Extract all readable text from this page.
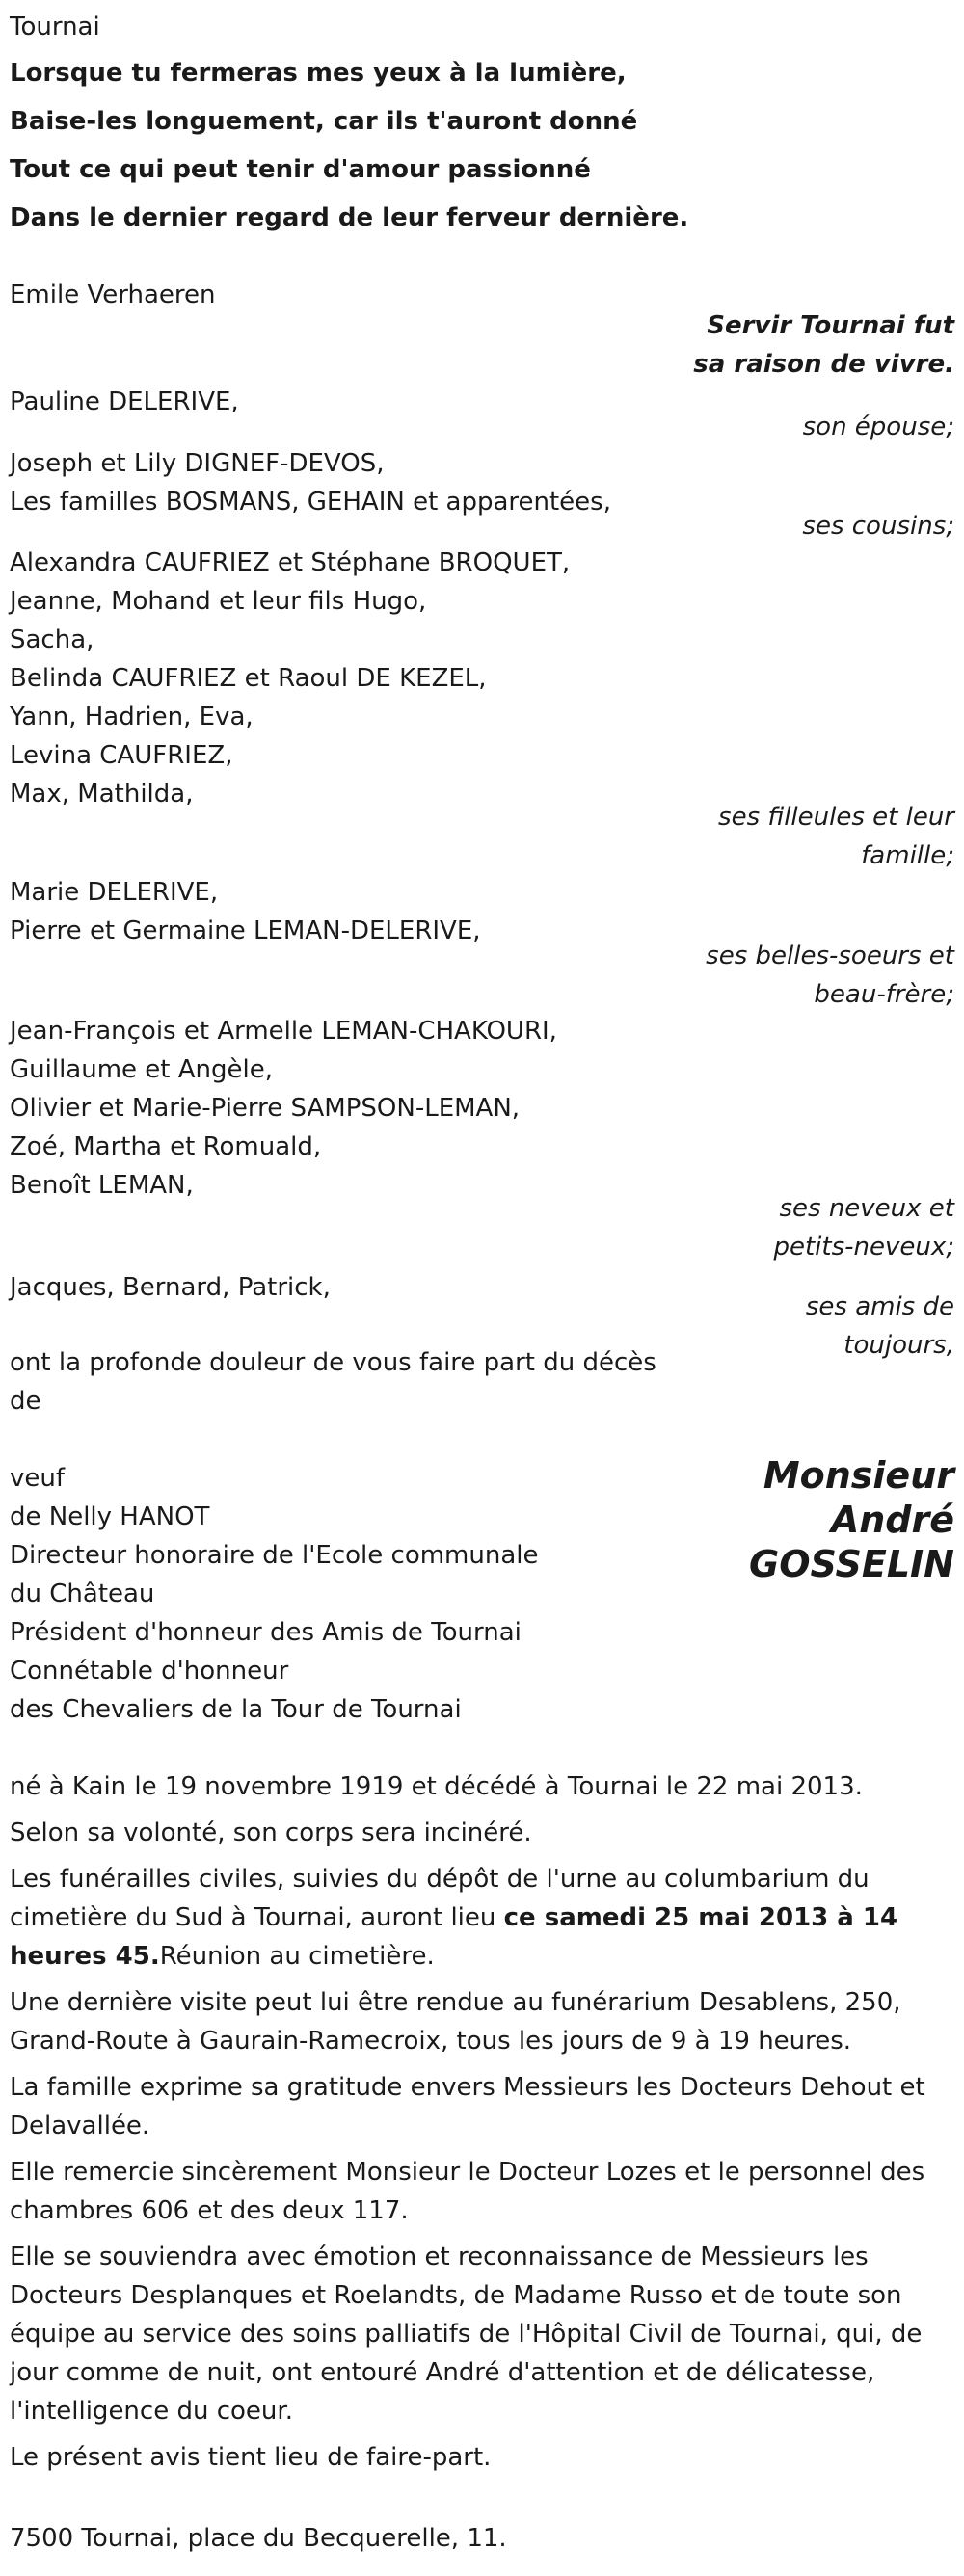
Tournai
Lorsque tu fermeras mes yeux à la lumière,
Baise-les longuement, car ils t'auront donné
Tout ce qui peut tenir d'amour passionné
Dans le dernier regard de leur ferveur dernière.
Emile Verhaeren
Servir Tournai fut
sa raison de vivre.
Pauline DELERIVE,
son épouse;
Joseph et Lily DIGNEF-DEVOS,
Les familles BOSMANS, GEHAIN et apparentées,
ses cousins;
Alexandra CAUFRIEZ et Stéphane BROQUET,
Jeanne, Mohand et leur fils Hugo,
Sacha,
Belinda CAUFRIEZ et Raoul DE KEZEL,
Yann, Hadrien, Eva,
Levina CAUFRIEZ,
Max, Mathilda,
ses filleules et leur
famille;
Marie DELERIVE,
Pierre et Germaine LEMAN-DELERIVE,
ses belles-soeurs et
beau-frère;
Jean-François et Armelle LEMAN-CHAKOURI,
Guillaume et Angèle,
Olivier et Marie-Pierre SAMPSON-LEMAN,
Zoé, Martha et Romuald,
Benoît LEMAN,
ses neveux et
petits-neveux;
Jacques, Bernard, Patrick,
ses amis de
toujours,
ont la profonde douleur de vous faire part du décès
de
Monsieur
André
GOSSELIN
veuf
de Nelly HANOT
Directeur honoraire de l'Ecole communale
du Château
Président d'honneur des Amis de Tournai
Connétable d'honneur
des Chevaliers de la Tour de Tournai
né à Kain le 19 novembre 1919 et décédé à Tournai le 22 mai 2013.
Selon sa volonté, son corps sera incinéré.
Les funérailles civiles, suivies du dépôt de l'urne au columbarium du
cimetière du Sud à Tournai, auront lieu ce samedi 25 mai 2013 à 14
heures 45.Réunion au cimetière.
Une dernière visite peut lui être rendue au funérarium Desablens, 250,
Grand-Route à Gaurain-Ramecroix, tous les jours de 9 à 19 heures.
La famille exprime sa gratitude envers Messieurs les Docteurs Dehout et
Delavallée.
Elle remercie sincèrement Monsieur le Docteur Lozes et le personnel des
chambres 606 et des deux 117.
Elle se souviendra avec émotion et reconnaissance de Messieurs les
Docteurs Desplanques et Roelandts, de Madame Russo et de toute son
équipe au service des soins palliatifs de l'Hôpital Civil de Tournai, qui, de
jour comme de nuit, ont entouré André d'attention et de délicatesse,
l'intelligence du coeur.
Le présent avis tient lieu de faire-part.
7500 Tournai, place du Becquerelle, 11.
